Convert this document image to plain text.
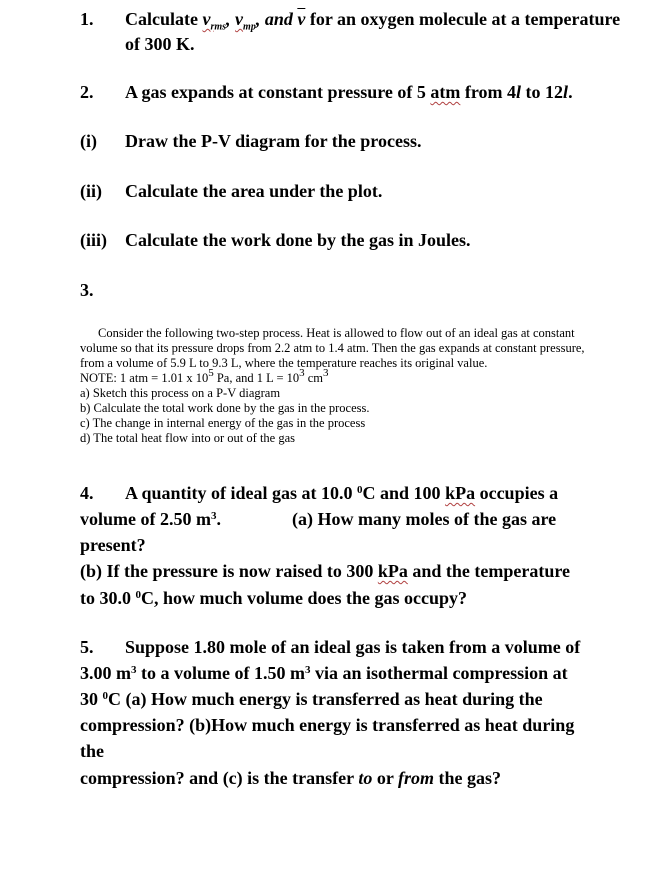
1. Calculate $v_{rms}$, $v_{mp}$, and $\overline{v}$ for an oxygen molecule at a temperature
of 300 K.
2. A gas expands at constant pressure of 5 atm from 4l to 12l.
(i) Draw the P-V diagram for the process.
(ii) Calculate the area under the plot.
(iii) Calculate the work done by the gas in Joules.
3.
Consider the following two-step process. Heat is allowed to flow out of an ideal gas at constant
volume so that its pressure drops from 2.2 atm to 1.4 atm. Then the gas expands at constant pressure,
from a volume of 5.9 L to 9.3 L, where the temperature reaches its original value.
NOTE: 1 atm = 1.01 x $10^5$ Pa, and 1 $L = 10^3$ $cm^3$
a) Sketch this process on a P-V diagram
b) Calculate the total work done by the gas in the process.
c) The change in internal energy of the gas in the process
d) The total heat flow into or out of the gas
4. A quantity of ideal gas at 10.0 $^0$C and 100 kPa occupies a
volume of 2.50 $m^3$.	(a) How many moles of the gas are
present?
(b) If the pressure is now raised to 300 kPa and the temperature
to 30.0 $^0$C, how much volume does the gas occupy?
5. Suppose 1.80 mole of an ideal gas is taken from a volume of
3.00 $m^3$ to a volume of 1.50 $m^3$ via an isothermal compression at
30 $^0$C (a) How much energy is transferred as heat during the
compression? (b)How much energy is transferred as heat during
the
compression? and (c) is the transfer to or from the gas?
